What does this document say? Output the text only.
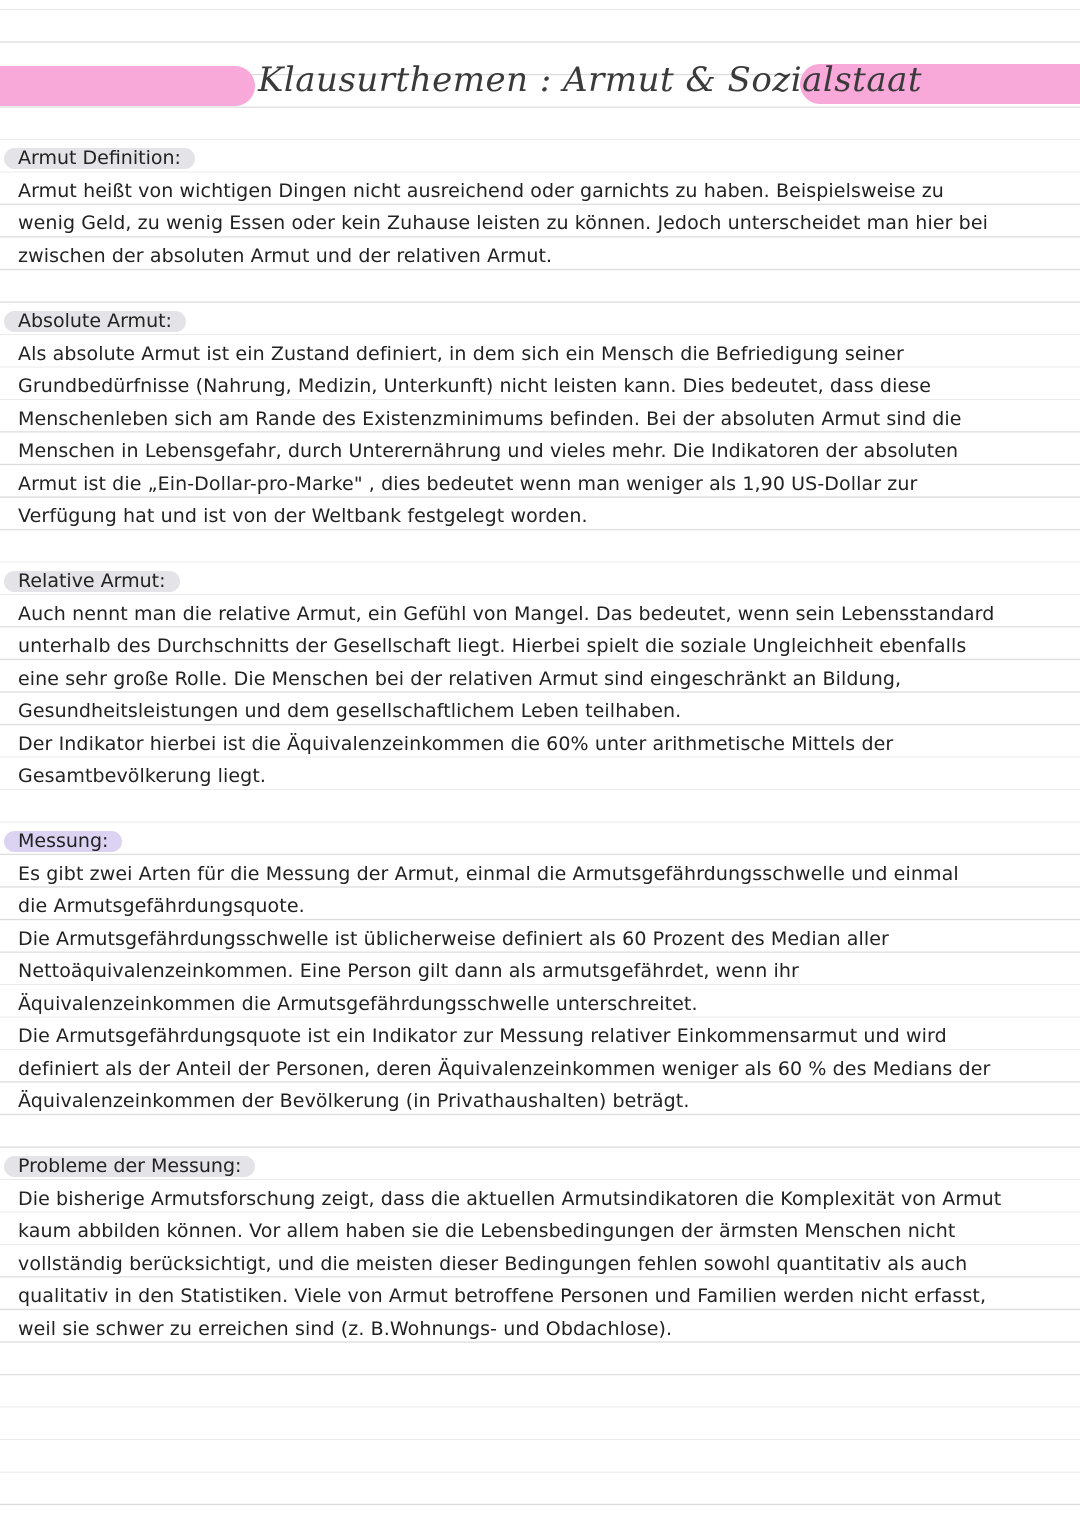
Klausurthemen : Armut & Sozialstaat
Armut Definition:
Armut heißt von wichtigen Dingen nicht ausreichend oder garnichts zu haben. Beispielsweise zu
wenig Geld, zu wenig Essen oder kein Zuhause leisten zu können. Jedoch unterscheidet man hier bei
zwischen der absoluten Armut und der relativen Armut.
Absolute Armut:
Als absolute Armut ist ein Zustand definiert, in dem sich ein Mensch die Befriedigung seiner
Grundbedürfnisse (Nahrung, Medizin, Unterkunft) nicht leisten kann. Dies bedeutet, dass diese
Menschenleben sich am Rande des Existenzminimums befinden. Bei der absoluten Armut sind die
Menschen in Lebensgefahr, durch Unterernährung und vieles mehr. Die Indikatoren der absoluten
Armut ist die „Ein-Dollar-pro-Marke" , dies bedeutet wenn man weniger als 1,90 US-Dollar zur
Verfügung hat und ist von der Weltbank festgelegt worden.
Relative Armut:
Auch nennt man die relative Armut, ein Gefühl von Mangel. Das bedeutet, wenn sein Lebensstandard
unterhalb des Durchschnitts der Gesellschaft liegt. Hierbei spielt die soziale Ungleichheit ebenfalls
eine sehr große Rolle. Die Menschen bei der relativen Armut sind eingeschränkt an Bildung,
Gesundheitsleistungen und dem gesellschaftlichem Leben teilhaben.
Der Indikator hierbei ist die Äquivalenzeinkommen die 60% unter arithmetische Mittels der
Gesamtbevölkerung liegt.
Messung:
Es gibt zwei Arten für die Messung der Armut, einmal die Armutsgefährdungsschwelle und einmal
die Armutsgefährdungsquote.
Die Armutsgefährdungsschwelle ist üblicherweise definiert als 60 Prozent des Median aller
Nettoäquivalenzeinkommen. Eine Person gilt dann als armutsgefährdet, wenn ihr
Äquivalenzeinkommen die Armutsgefährdungsschwelle unterschreitet.
Die Armutsgefährdungsquote ist ein Indikator zur Messung relativer Einkommensarmut und wird
definiert als der Anteil der Personen, deren Äquivalenzeinkommen weniger als 60 % des Medians der
Äquivalenzeinkommen der Bevölkerung (in Privathaushalten) beträgt.
Probleme der Messung:
Die bisherige Armutsforschung zeigt, dass die aktuellen Armutsindikatoren die Komplexität von Armut
kaum abbilden können. Vor allem haben sie die Lebensbedingungen der ärmsten Menschen nicht
vollständig berücksichtigt, und die meisten dieser Bedingungen fehlen sowohl quantitativ als auch
qualitativ in den Statistiken. Viele von Armut betroffene Personen und Familien werden nicht erfasst,
weil sie schwer zu erreichen sind (z. B.Wohnungs- und Obdachlose).
